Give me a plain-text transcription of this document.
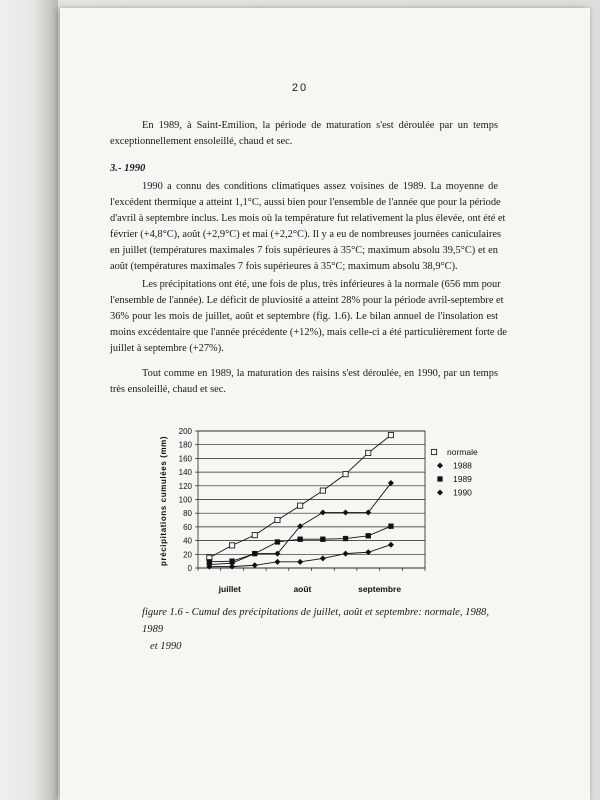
20
En 1989, à Saint-Emilion, la période de maturation s'est déroulée par un temps
exceptionnellement ensoleillé, chaud et sec.
3.- 1990
1990 a connu des conditions climatiques assez voisines de 1989. La moyenne de
l'excédent thermique a atteint 1,1°C, aussi bien pour l'ensemble de l'année que pour la période
d'avril à septembre inclus. Les mois où la température fut relativement la plus élevée, ont été et
février (+4,8°C), août (+2,9°C) et mai (+2,2°C). Il y a eu de nombreuses journées caniculaires
en juillet (températures maximales 7 fois supérieures à 35°C; maximum absolu 39,5°C) et en
août (températures maximales 7 fois supérieures à 35°C; maximum absolu 38,9°C).
Les précipitations ont été, une fois de plus, très inférieures à la normale (656 mm pour
l'ensemble de l'année). Le déficit de pluviosité a atteint 28% pour la période avril-septembre et
36% pour les mois de juillet, août et septembre (fig. 1.6). Le bilan annuel de l'insolation est
moins excédentaire que l'année précédente (+12%), mais celle-ci a été particulièrement forte de
juillet à septembre (+27%).
Tout comme en 1989, la maturation des raisins s'est déroulée, en 1990, par un temps
très ensoleillé, chaud et sec.
0
20
40
60
80
100
120
140
160
180
200
juillet	août	septembre
précipitations cumulées (mm)	normale
1988
1989
1990
figure 1.6 - Cumul des précipitations de juillet, août et septembre: normale, 1988, 1989
et 1990
